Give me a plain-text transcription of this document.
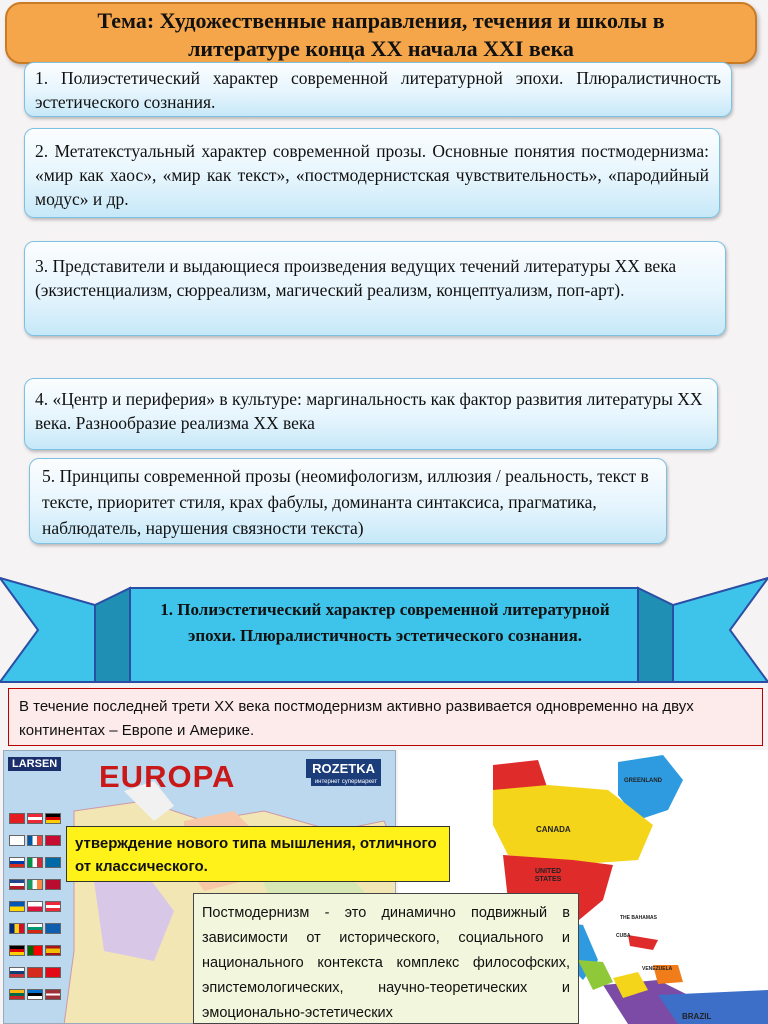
Тема: Художественные направления, течения и школы в
литературе конца XX начала XXI века
1. Полиэстетический характер современной литературной эпохи. Плюралистичность эстетического сознания.
2. Метатекстуальный характер современной прозы. Основные понятия постмодернизма: «мир как хаос», «мир как текст», «постмодернистская чувствительность», «пародийный модус» и др.
3. Представители и выдающиеся произведения ведущих течений литературы XX века (экзистенциализм, сюрреализм, магический реализм, концептуализм, поп-арт).
4. «Центр и периферия» в культуре: маргинальность как фактор развития литературы XX века. Разнообразие реализма XX века
5. Принципы современной прозы (неомифологизм, иллюзия / реальность, текст в тексте, приоритет стиля, крах фабулы, доминанта синтаксиса, прагматика, наблюдатель, нарушения связности текста)
1. Полиэстетический характер современной литературной эпохи. Плюралистичность эстетического сознания.
В течение последней трети XX века постмодернизм активно развивается одновременно на двух континентах – Европе и Америке.
LARSEN EUROPA	ROZETKA
интернет супермаркет
	GREENLAND
CANADA
UNITED STATES
BRAZIL
VENEZUELA
CUBA
THE BAHAMAS
утверждение нового типа мышления, отличного от классического.
Постмодернизм - это динамично подвижный в зависимости от исторического, социального и национального контекста комплекс философских, эпистемологических, научно-теоретических и эмоционально-эстетических
